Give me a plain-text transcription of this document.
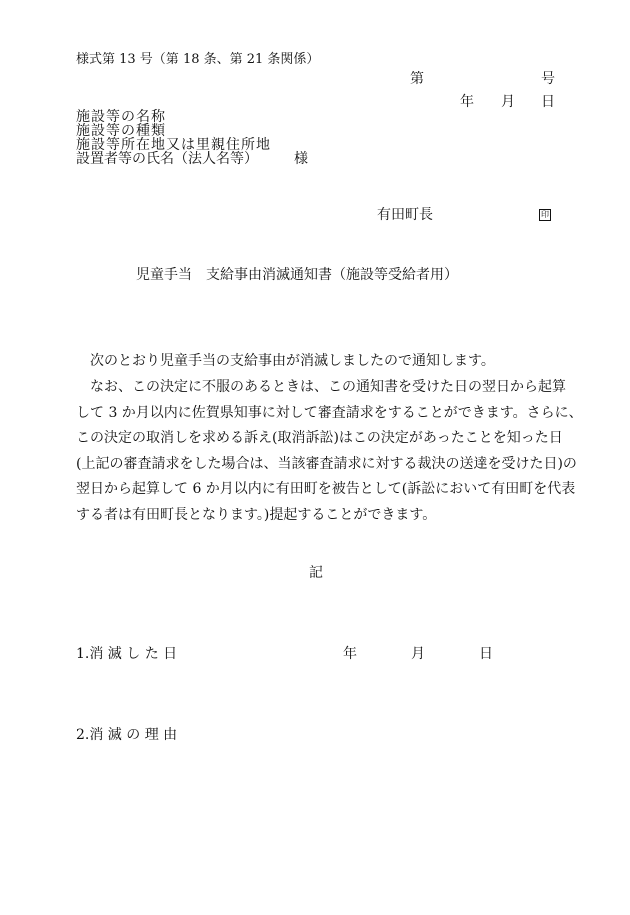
様式第 13 号（第 18 条、第 21 条関係）
第	号
年 月 日
施設等の名称
施設等の種類
施設等所在地又は里親住所地
設置者等の氏名（法人名等）	様
有田町長	印
児童手当　支給事由消滅通知書（施設等受給者用）
次のとおり児童手当の支給事由が消滅しましたので通知します。
なお、この決定に不服のあるときは、この通知書を受けた日の翌日から起算
して 3 か月以内に佐賀県知事に対して審査請求をすることができます。さらに、
この決定の取消しを求める訴え(取消訴訟)はこの決定があったことを知った日
(上記の審査請求をした場合は、当該審査請求に対する裁決の送達を受けた日)の
翌日から起算して 6 か月以内に有田町を被告として(訴訟において有田町を代表
する者は有田町長となります。)提起することができます。
記
1.消 滅 し た 日	年	月	日
2.消 滅 の 理 由
